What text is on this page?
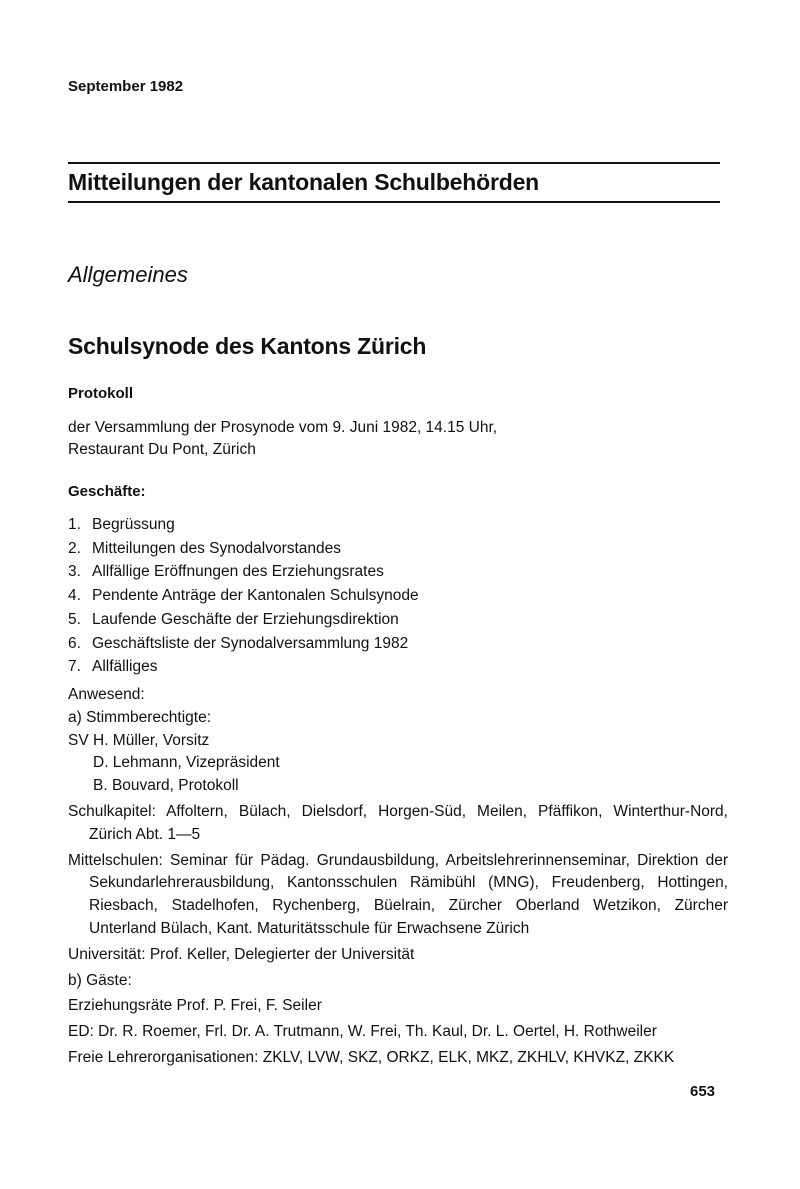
September 1982
Mitteilungen der kantonalen Schulbehörden
Allgemeines
Schulsynode des Kantons Zürich
Protokoll
der Versammlung der Prosynode vom 9. Juni 1982, 14.15 Uhr,
Restaurant Du Pont, Zürich
Geschäfte:
1. Begrüssung
2. Mitteilungen des Synodalvorstandes
3. Allfällige Eröffnungen des Erziehungsrates
4. Pendente Anträge der Kantonalen Schulsynode
5. Laufende Geschäfte der Erziehungsdirektion
6. Geschäftsliste der Synodalversammlung 1982
7. Allfälliges
Anwesend:
a) Stimmberechtigte:
SV H. Müller, Vorsitz
D. Lehmann, Vizepräsident
B. Bouvard, Protokoll
Schulkapitel: Affoltern, Bülach, Dielsdorf, Horgen-Süd, Meilen, Pfäffikon, Winterthur-Nord, Zürich Abt. 1—5
Mittelschulen: Seminar für Pädag. Grundausbildung, Arbeitslehrerinnenseminar, Direktion der Sekundarlehrerausbildung, Kantonsschulen Rämibühl (MNG), Freudenberg, Hottingen, Riesbach, Stadelhofen, Rychenberg, Büelrain, Zürcher Oberland Wetzikon, Zürcher Unterland Bülach, Kant. Maturitätsschule für Erwachsene Zürich
Universität: Prof. Keller, Delegierter der Universität
b) Gäste:
Erziehungsräte Prof. P. Frei, F. Seiler
ED: Dr. R. Roemer, Frl. Dr. A. Trutmann, W. Frei, Th. Kaul, Dr. L. Oertel, H. Rothweiler
Freie Lehrerorganisationen: ZKLV, LVW, SKZ, ORKZ, ELK, MKZ, ZKHLV, KHVKZ, ZKKK
653
